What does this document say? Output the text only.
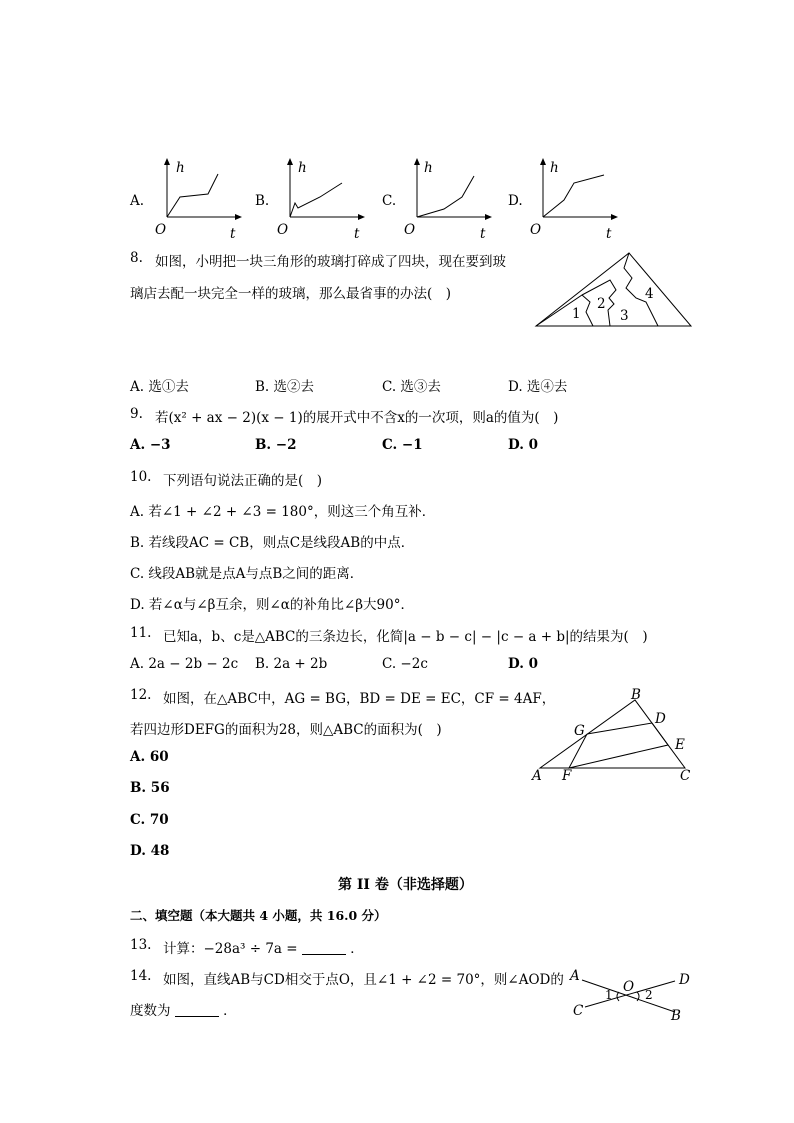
A.
h
t
O
B.
h
t
O
C.
h
t
O
D.
h
t
O
8. 如图，小明把一块三角形的玻璃打碎成了四块，现在要到玻
璃店去配一块完全一样的玻璃，那么最省事的办法( )
1
2
3
4
A. 选①去	B. 选②去	C. 选③去	D. 选④去
9. 若(x² + ax − 2)(x − 1)的展开式中不含x的一次项，则a的值为( )
A. −3	B. −2	C. −1	D. 0
10. 下列语句说法正确的是( )
A. 若∠1 + ∠2 + ∠3 = 180°，则这三个角互补．
B. 若线段AC = CB，则点C是线段AB的中点．
C. 线段AB就是点A与点B之间的距离．
D. 若∠α与∠β互余，则∠α的补角比∠β大90°．
11. 已知a，b、c是△ABC的三条边长，化简|a − b − c| − |c − a + b|的结果为( )
A. 2a − 2b − 2c B. 2a + 2b	C. −2c	D. 0
12. 如图，在△ABC中，AG = BG，BD = DE = EC，CF = 4AF，
若四边形DEFG的面积为28，则△ABC的面积为( )
A. 60
B. 56
C. 70
D. 48
A
B
C
D
E
F
G
第 II 卷（非选择题）
二、填空题（本大题共 4 小题，共 16.0 分）
13. 计算：−28a³ ÷ 7a =	．
14. 如图，直线AB与CD相交于点O，且∠1 + ∠2 = 70°，则∠AOD的
度数为	．
A
B
C
D
O
1	2
